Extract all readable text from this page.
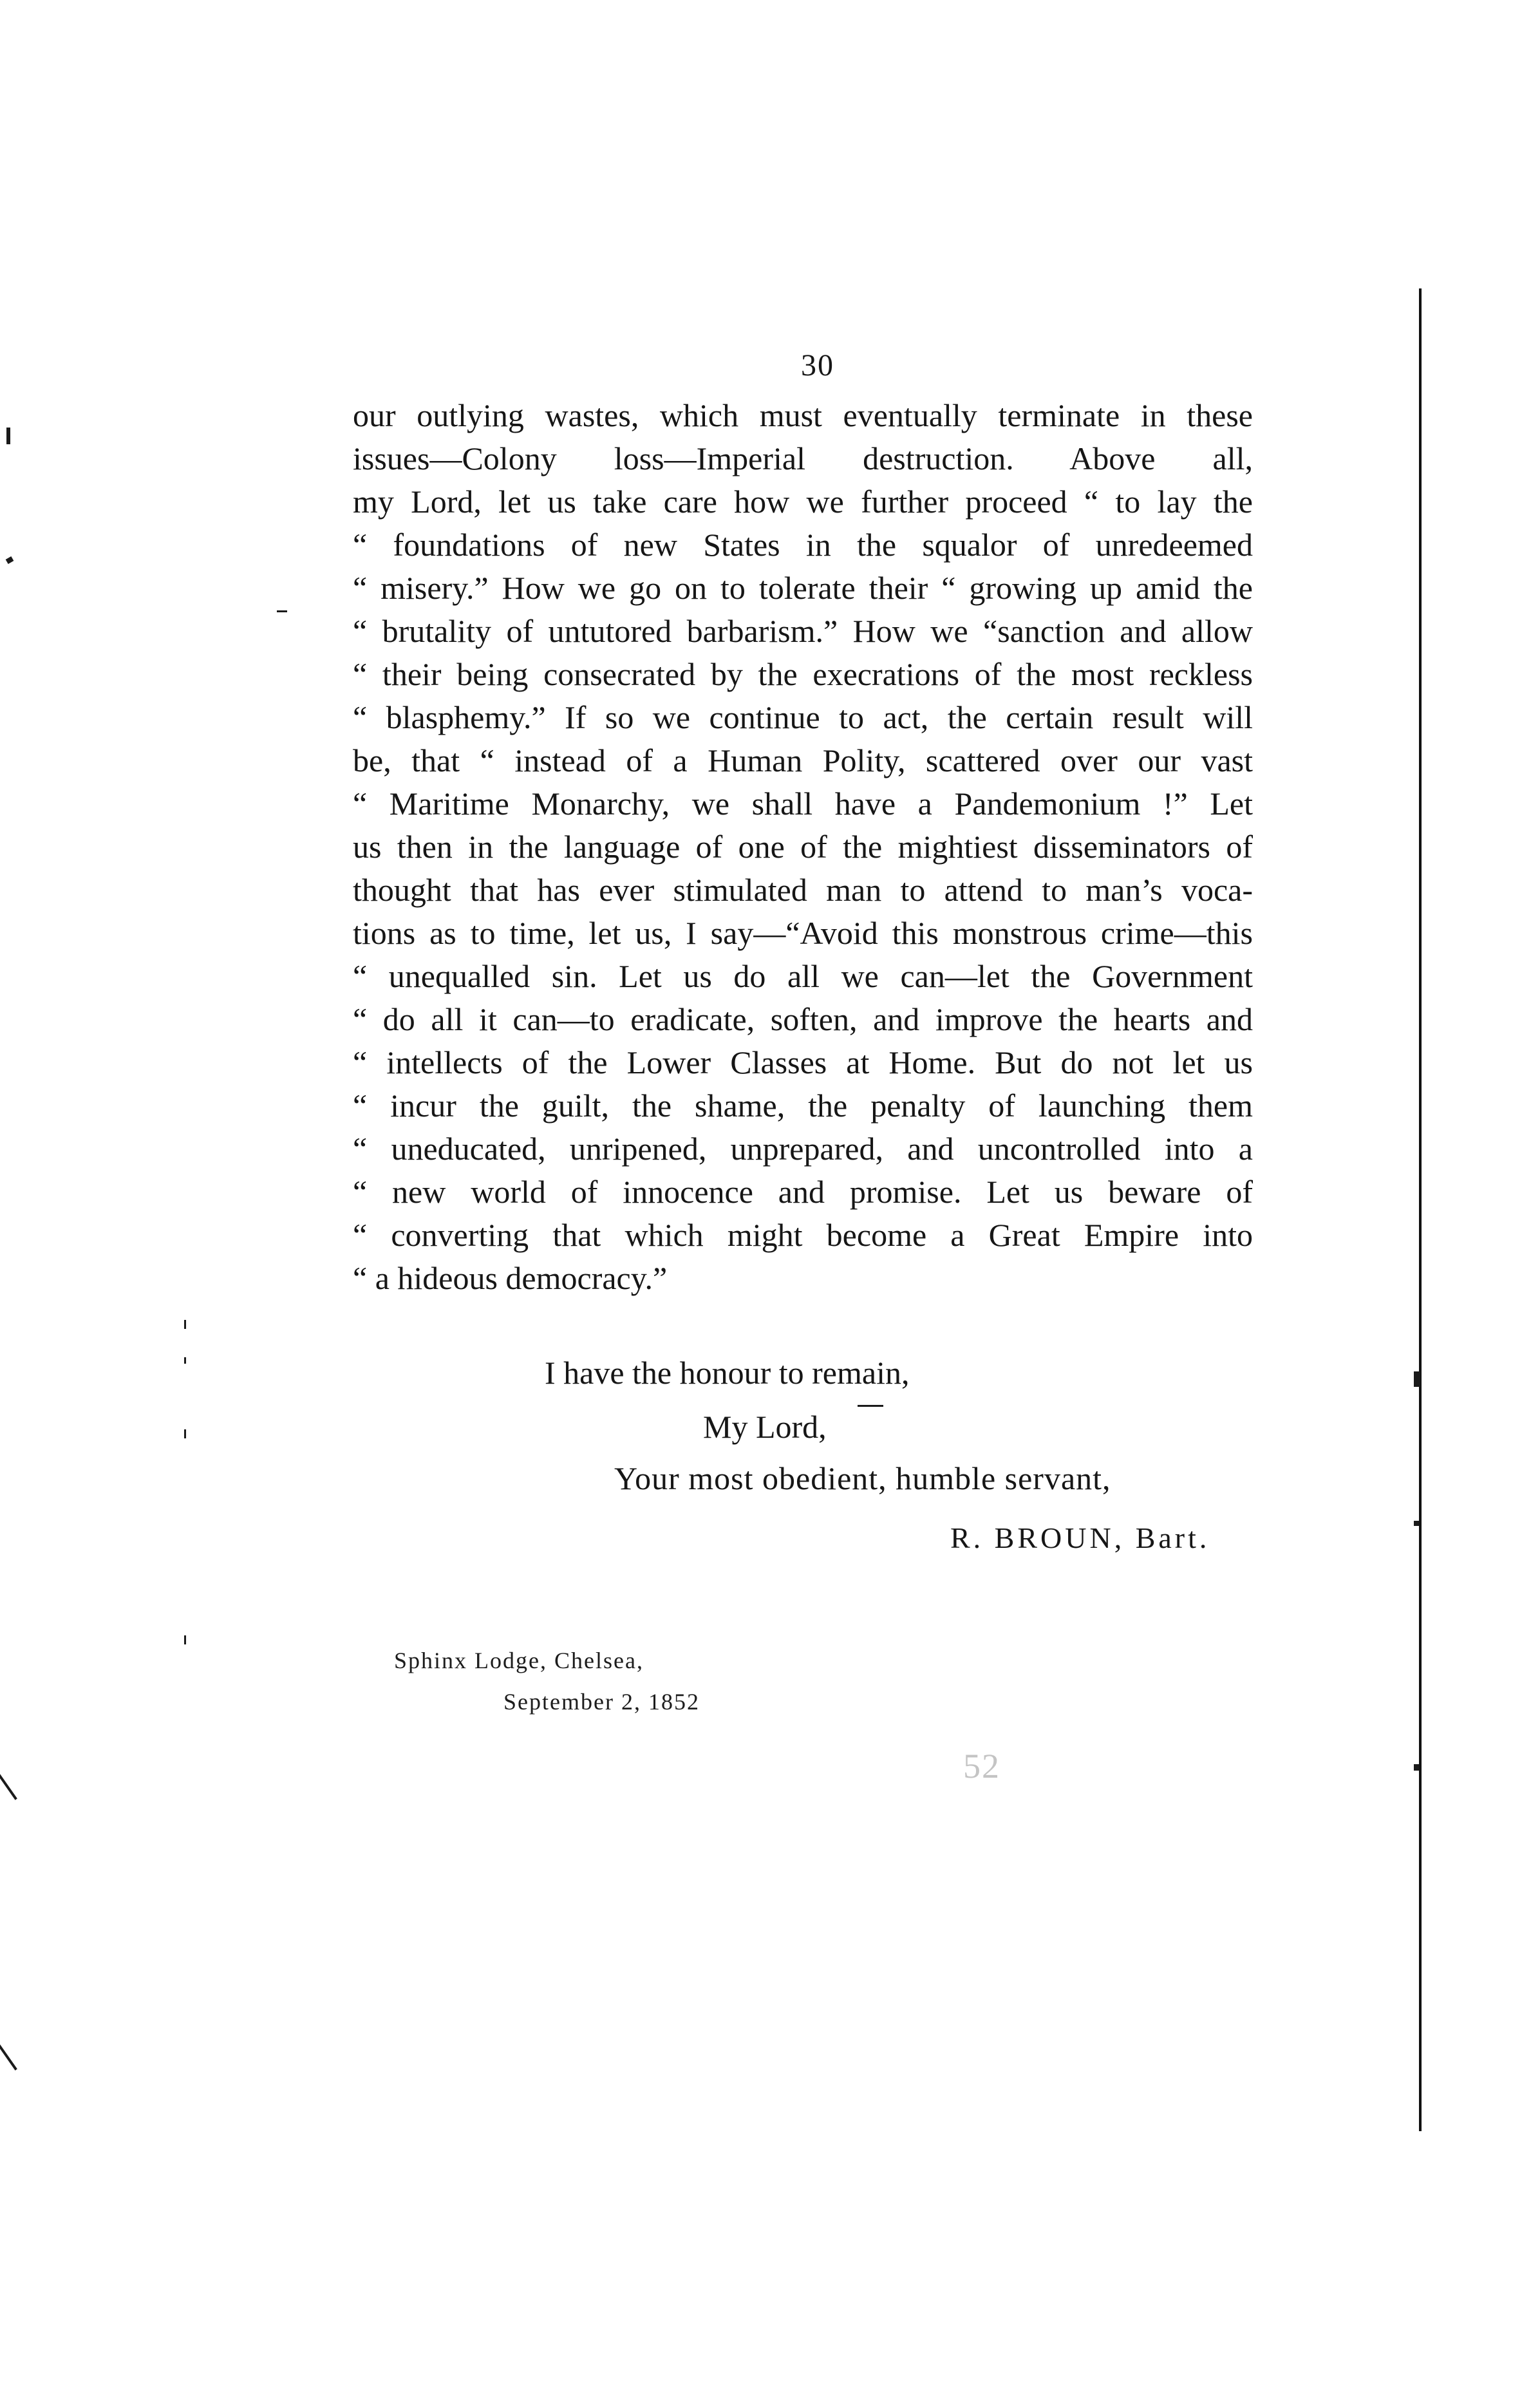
30
our outlying wastes, which must eventually terminate in these
issues—Colony loss—Imperial destruction. Above all,
my Lord, let us take care how we further proceed “ to lay the
“ foundations of new States in the squalor of unredeemed
“ misery.” How we go on to tolerate their “ growing up amid the
“ brutality of untutored barbarism.” How we “sanction and allow
“ their being consecrated by the execrations of the most reckless
“ blasphemy.” If so we continue to act, the certain result will
be, that “ instead of a Human Polity, scattered over our vast
“ Maritime Monarchy, we shall have a Pandemonium !” Let
us then in the language of one of the mightiest disseminators of
thought that has ever stimulated man to attend to man’s voca-
tions as to time, let us, I say—“Avoid this monstrous crime—this
“ unequalled sin. Let us do all we can—let the Government
“ do all it can—to eradicate, soften, and improve the hearts and
“ intellects of the Lower Classes at Home. But do not let us
“ incur the guilt, the shame, the penalty of launching them
“ uneducated, unripened, unprepared, and uncontrolled into a
“ new world of innocence and promise. Let us beware of
“ converting that which might become a Great Empire into
“ a hideous democracy.”
I have the honour to remain,
My Lord,
Your most obedient, humble servant,
R. BROUN, Bart.
Sphinx Lodge, Chelsea,
September 2, 1852
52
